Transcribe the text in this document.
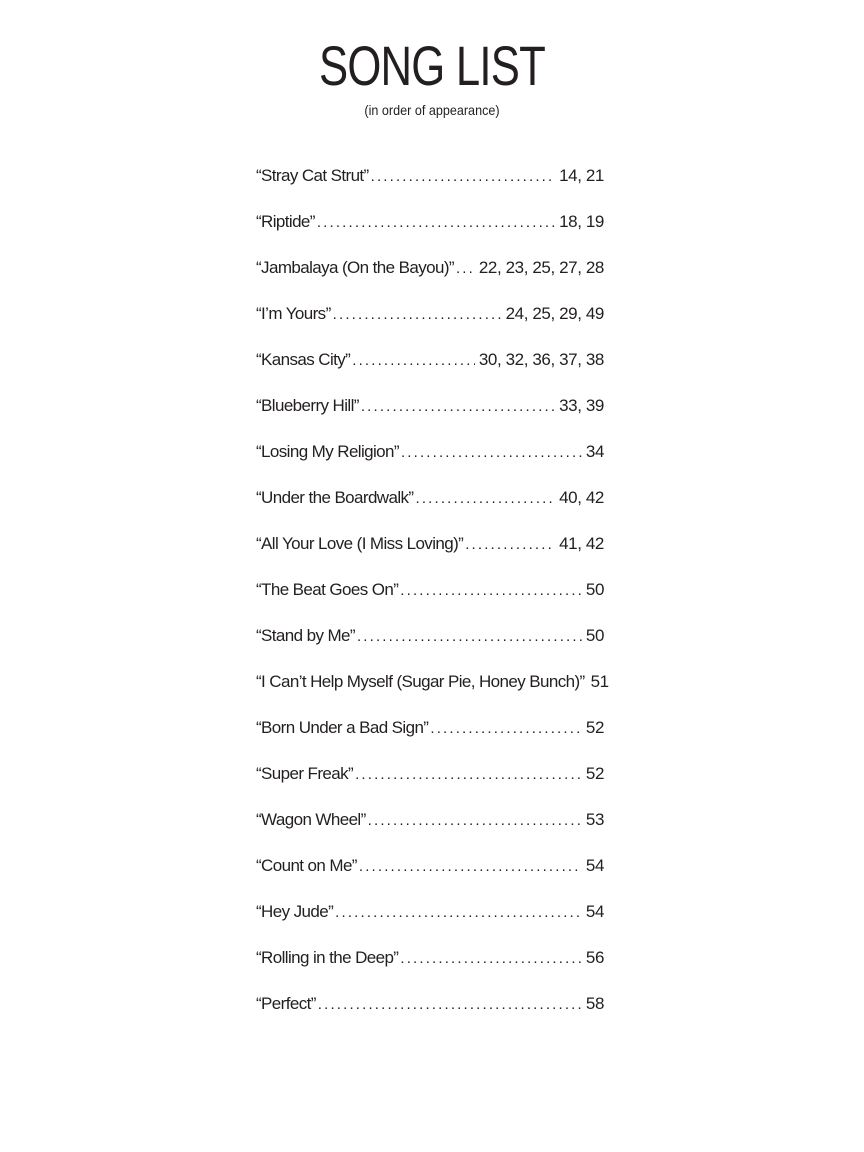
SONG LIST

(in order of appearance)

“Stray Cat Strut” . . .	14, 21
“Riptide” . . .	18, 19
“Jambalaya (On the Bayou)” . . . 22, 23, 25, 27, 28
“I’m Yours” . . .	24, 25, 29, 49
“Kansas City” . . .	30, 32, 36, 37, 38
“Blueberry Hill” . . .	33, 39
“Losing My Religion” . . .	34
“Under the Boardwalk” . . .	40, 42
“All Your Love (I Miss Loving)” . . .	41, 42
“The Beat Goes On” . . .	50
“Stand by Me” . . .	50
“I Can’t Help Myself (Sugar Pie, Honey Bunch)” 51
“Born Under a Bad Sign” . . .	52
“Super Freak” . . .	52
“Wagon Wheel” . . .	53
“Count on Me” . . .	54
“Hey Jude” . . .	54
“Rolling in the Deep” . . .	56
“Perfect” . . .	58
